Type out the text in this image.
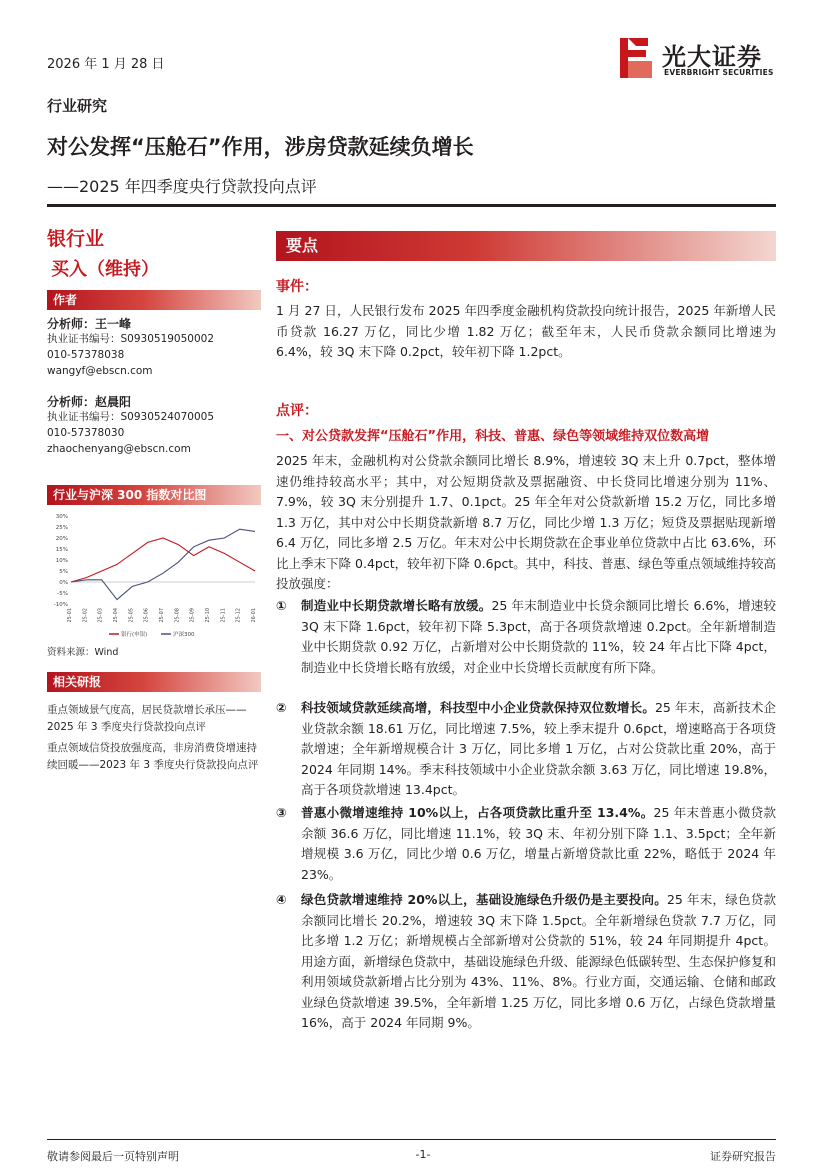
2026 年 1 月 28 日	光大证券
EVERBRIGHT SECURITIES
行业研究
对公发挥“压舱石”作用，涉房贷款延续负增长
——2025 年四季度央行贷款投向点评
银行业
买入（维持）
作者
分析师：王一峰
执业证书编号：S0930519050002
010-57378038
wangyf@ebscn.com
分析师：赵晨阳
执业证书编号：S0930524070005
010-57378030
zhaochenyang@ebscn.com
行业与沪深 300 指数对比图
30%
25%
20%
15%
10%
5%
0%
-5%
-10%
25-01 25-02 25-03 25-04 25-05 25-06 25-07 25-08 25-09 25-10 25-11 25-12 26-01
银行(申银)	沪深300
资料来源：Wind
相关研报
重点领域景气度高，居民贷款增长承压——2025 年 3 季度央行贷款投向点评
重点领域信贷投放强度高，非房消费贷增速持续回暖——2023 年 3 季度央行贷款投向点评
要点
事件：
1 月 27 日，人民银行发布 2025 年四季度金融机构贷款投向统计报告，2025 年新增人民币贷款 16.27 万亿，同比少增 1.82 万亿；截至年末，人民币贷款余额同比增速为 6.4%，较 3Q 末下降 0.2pct，较年初下降 1.2pct。
点评：
一、对公贷款发挥“压舱石”作用，科技、普惠、绿色等领域维持双位数高增
2025 年末，金融机构对公贷款余额同比增长 8.9%，增速较 3Q 末上升 0.7pct，整体增速仍维持较高水平；其中，对公短期贷款及票据融资、中长贷同比增速分别为 11%、7.9%，较 3Q 末分别提升 1.7、0.1pct。25 年全年对公贷款新增 15.2 万亿，同比多增 1.3 万亿，其中对公中长期贷款新增 8.7 万亿，同比少增 1.3 万亿；短贷及票据贴现新增 6.4 万亿，同比多增 2.5 万亿。年末对公中长期贷款在企事业单位贷款中占比 63.6%，环比上季末下降 0.4pct，较年初下降 0.6pct。其中，科技、普惠、绿色等重点领域维持较高投放强度：
① 制造业中长期贷款增长略有放缓。25 年末制造业中长贷余额同比增长 6.6%，增速较 3Q 末下降 1.6pct，较年初下降 5.3pct，高于各项贷款增速 0.2pct。全年新增制造业中长期贷款 0.92 万亿，占新增对公中长期贷款的 11%，较 24 年占比下降 4pct，制造业中长贷增长略有放缓，对企业中长贷增长贡献度有所下降。
② 科技领域贷款延续高增，科技型中小企业贷款保持双位数增长。25 年末，高新技术企业贷款余额 18.61 万亿，同比增速 7.5%，较上季末提升 0.6pct，增速略高于各项贷款增速；全年新增规模合计 3 万亿，同比多增 1 万亿，占对公贷款比重 20%，高于 2024 年同期 14%。季末科技领域中小企业贷款余额 3.63 万亿，同比增速 19.8%，高于各项贷款增速 13.4pct。
③ 普惠小微增速维持 10%以上，占各项贷款比重升至 13.4%。25 年末普惠小微贷款余额 36.6 万亿，同比增速 11.1%，较 3Q 末、年初分别下降 1.1、3.5pct；全年新增规模 3.6 万亿，同比少增 0.6 万亿，增量占新增贷款比重 22%，略低于 2024 年 23%。
④ 绿色贷款增速维持 20%以上，基础设施绿色升级仍是主要投向。25 年末，绿色贷款余额同比增长 20.2%，增速较 3Q 末下降 1.5pct。全年新增绿色贷款 7.7 万亿，同比多增 1.2 万亿；新增规模占全部新增对公贷款的 51%，较 24 年同期提升 4pct。用途方面，新增绿色贷款中，基础设施绿色升级、能源绿色低碳转型、生态保护修复和利用领域贷款新增占比分别为 43%、11%、8%。行业方面，交通运输、仓储和邮政业绿色贷款增速 39.5%，全年新增 1.25 万亿，同比多增 0.6 万亿，占绿色贷款增量 16%，高于 2024 年同期 9%。
敬请参阅最后一页特别声明	-1-	证券研究报告
